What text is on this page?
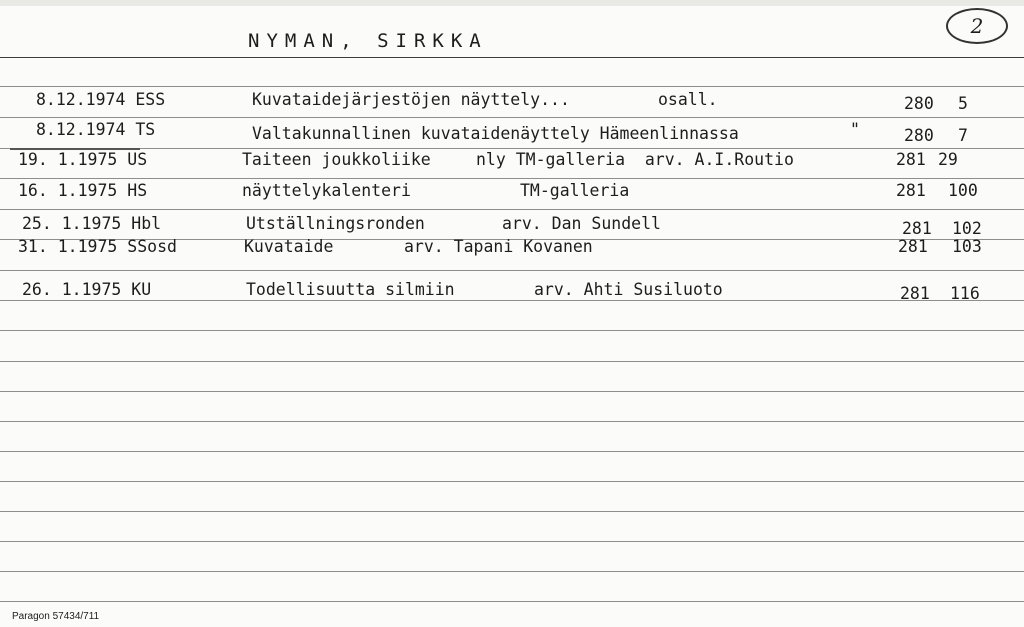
NYMAN, SIRKKA
2
8.12.1974 ESS	Kuvataidejärjestöjen näyttely...	osall.	280 5
8.12.1974 TS	Valtakunnallinen kuvataidenäyttely Hämeenlinnassa	"	280 7
19. 1.1975 US	Taiteen joukkoliike	nly TM-galleria  arv. A.I.Routio	281 29
16. 1.1975 HS	näyttelykalenteri	TM-galleria	281 100
25. 1.1975 Hbl	Utställningsronden	arv. Dan Sundell	281 102
31. 1.1975 SSosd	Kuvataide	arv. Tapani Kovanen	281 103
26. 1.1975 KU	Todellisuutta silmiin	arv. Ahti Susiluoto	281 116
Paragon 57434/711
